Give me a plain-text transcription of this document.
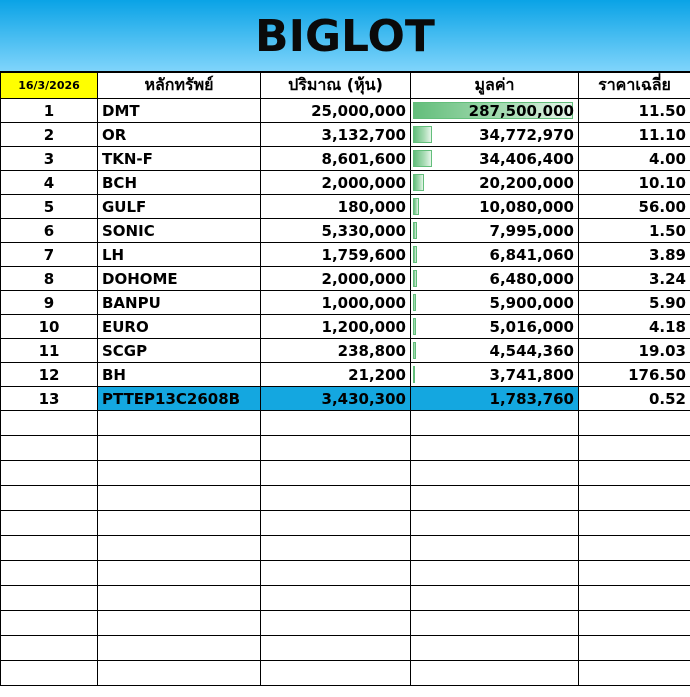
BIGLOT
16/3/2026	หลักทรัพย์	ปริมาณ (หุ้น)	มูลค่า	ราคาเฉลี่ย
1	DMT	25,000,000	287,500,000	11.50
2	OR	3,132,700	34,772,970	11.10
3	TKN-F	8,601,600	34,406,400	4.00
4	BCH	2,000,000	20,200,000	10.10
5	GULF	180,000	10,080,000	56.00
6	SONIC	5,330,000	7,995,000	1.50
7	LH	1,759,600	6,841,060	3.89
8	DOHOME	2,000,000	6,480,000	3.24
9	BANPU	1,000,000	5,900,000	5.90
10	EURO	1,200,000	5,016,000	4.18
11	SCGP	238,800	4,544,360	19.03
12	BH	21,200	3,741,800	176.50
13	PTTEP13C2608B	3,430,300	1,783,760	0.52
